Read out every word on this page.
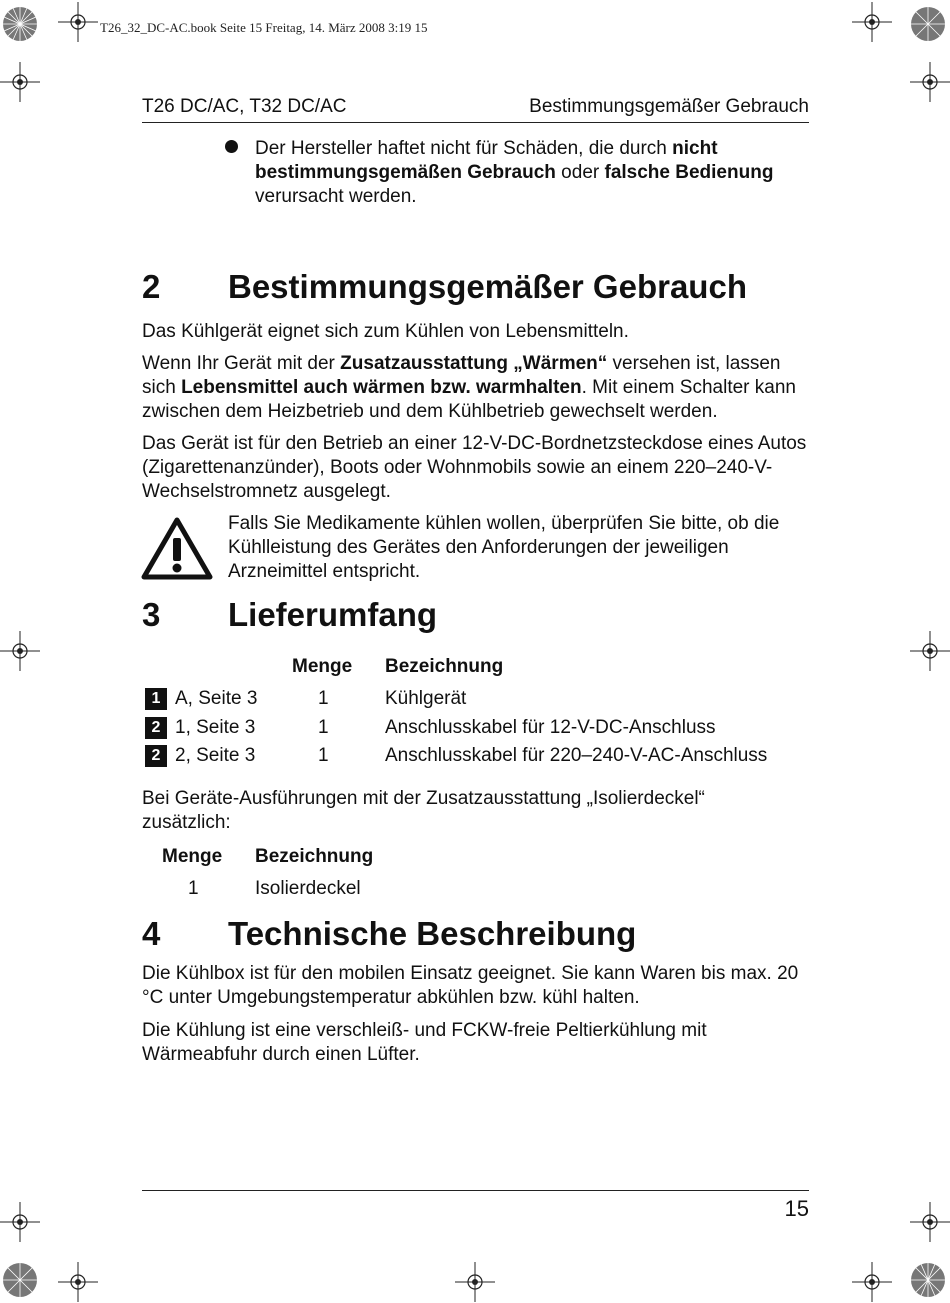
T26_32_DC-AC.book Seite 15 Freitag, 14. März 2008 3:19 15
T26 DC/AC, T32 DC/AC	Bestimmungsgemäßer Gebrauch
Der Hersteller haftet nicht für Schäden, die durch nicht bestimmungsgemäßen Gebrauch oder falsche Bedienung verursacht werden.
2 Bestimmungsgemäßer Gebrauch

Das Kühlgerät eignet sich zum Kühlen von Lebensmitteln.

Wenn Ihr Gerät mit der Zusatzausstattung „Wärmen“ versehen ist, lassen sich Lebensmittel auch wärmen bzw. warmhalten. Mit einem Schalter kann zwischen dem Heizbetrieb und dem Kühlbetrieb gewechselt werden.

Das Gerät ist für den Betrieb an einer 12-V-DC-Bordnetzsteckdose eines Autos (Zigarettenanzünder), Boots oder Wohnmobils sowie an einem 220–240-V-Wechselstromnetz ausgelegt.

Falls Sie Medikamente kühlen wollen, überprüfen Sie bitte, ob die Kühlleistung des Gerätes den Anforderungen der jeweiligen Arzneimittel entspricht.
3 Lieferumfang
Menge Bezeichnung
1 A, Seite 3	1	Kühlgerät
2 1, Seite 3	1	Anschlusskabel für 12-V-DC-Anschluss
2 2, Seite 3	1	Anschlusskabel für 220–240-V-AC-Anschluss
Bei Geräte-Ausführungen mit der Zusatzausstattung „Isolierdeckel“ zusätzlich:
Menge Bezeichnung
1	Isolierdeckel
4 Technische Beschreibung
Die Kühlbox ist für den mobilen Einsatz geeignet. Sie kann Waren bis max. 20 °C unter Umgebungstemperatur abkühlen bzw. kühl halten.
Die Kühlung ist eine verschleiß- und FCKW-freie Peltierkühlung mit Wärmeabfuhr durch einen Lüfter.
15
